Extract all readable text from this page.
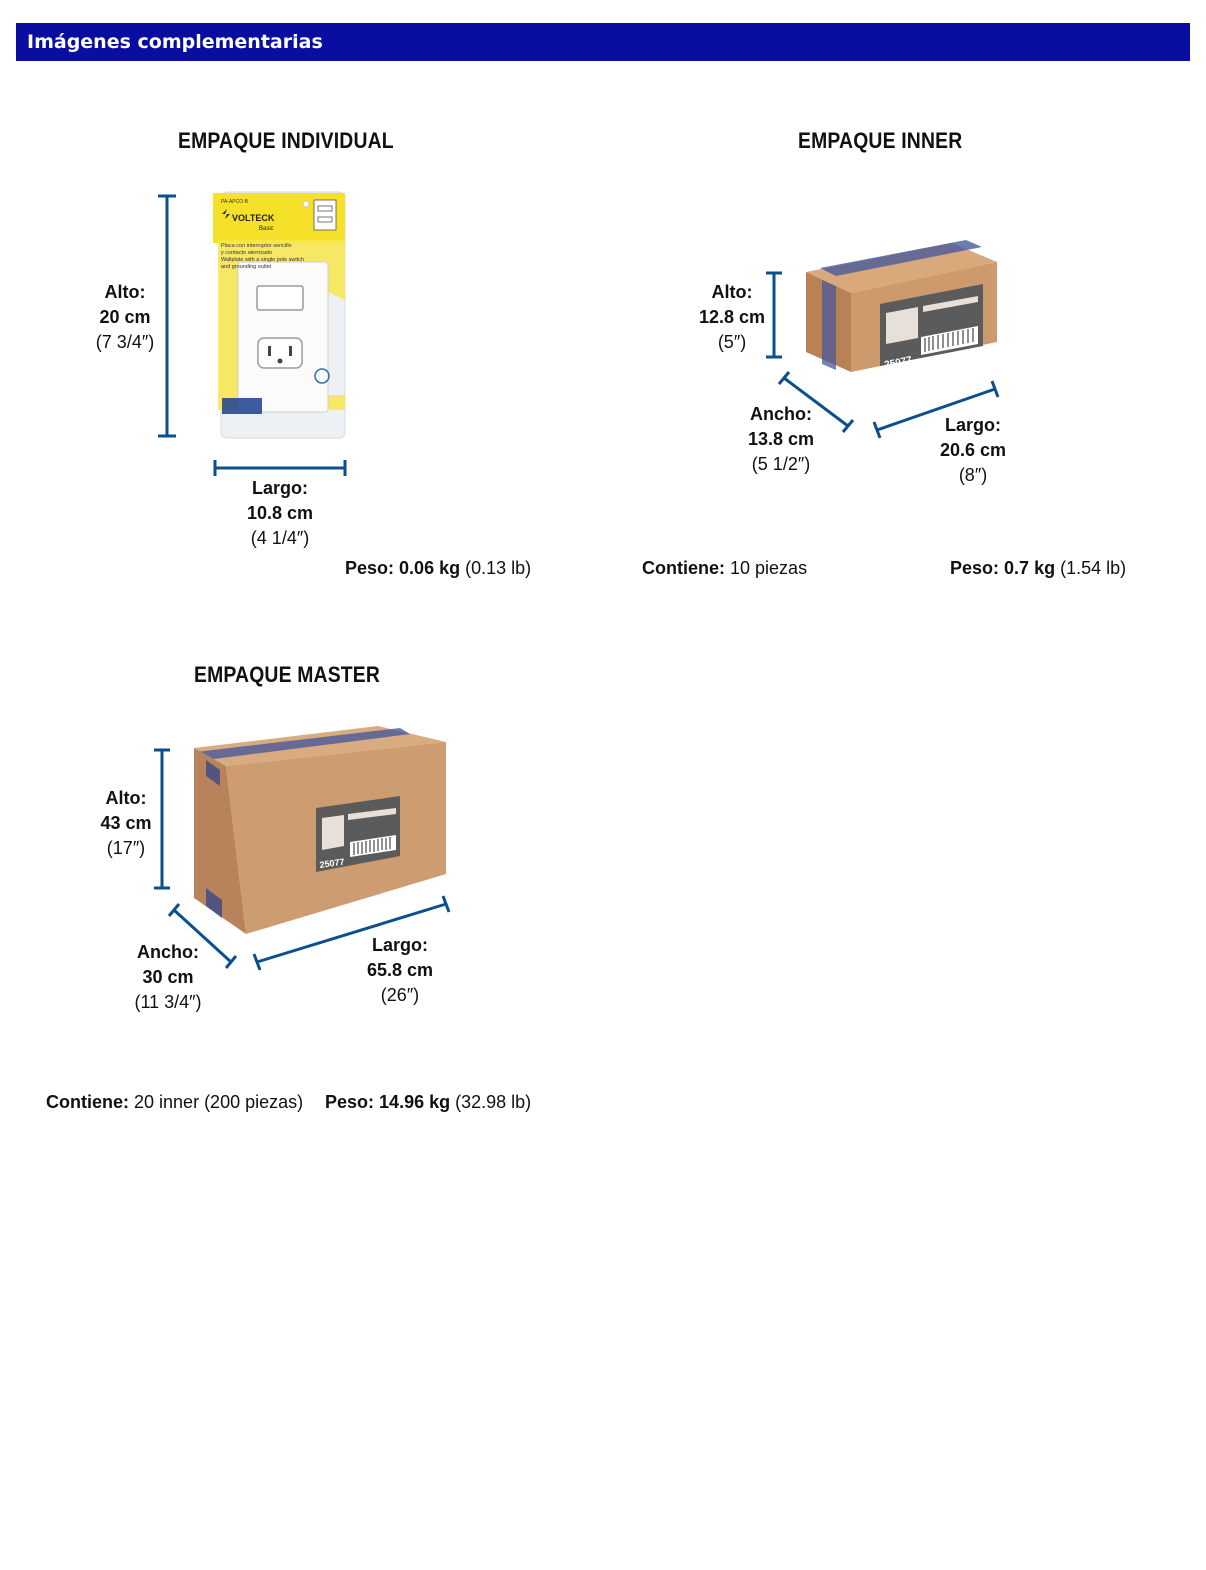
Imágenes complementarias
EMPAQUE INDIVIDUAL
Alto:
20 cm
(7 3/4″)
PA-APCO-B
VOLTECK
Basic
Placa con interruptor sencillo
y contacto aterrizado
Wallplate with a single pole switch
and grounding outlet
Largo:
10.8 cm
(4 1/4″)
Peso: 0.06 kg (0.13 lb)
EMPAQUE INNER
25077
Alto:
12.8 cm
(5″)
Ancho:
13.8 cm
(5 1/2″)
Largo:
20.6 cm
(8″)
Contiene: 10 piezas	Peso: 0.7 kg (1.54 lb)
EMPAQUE MASTER
25077
Alto:
43 cm
(17″)
Ancho:
30 cm
(11 3/4″)
Largo:
65.8 cm
(26″)
Contiene: 20 inner (200 piezas) Peso: 14.96 kg (32.98 lb)
